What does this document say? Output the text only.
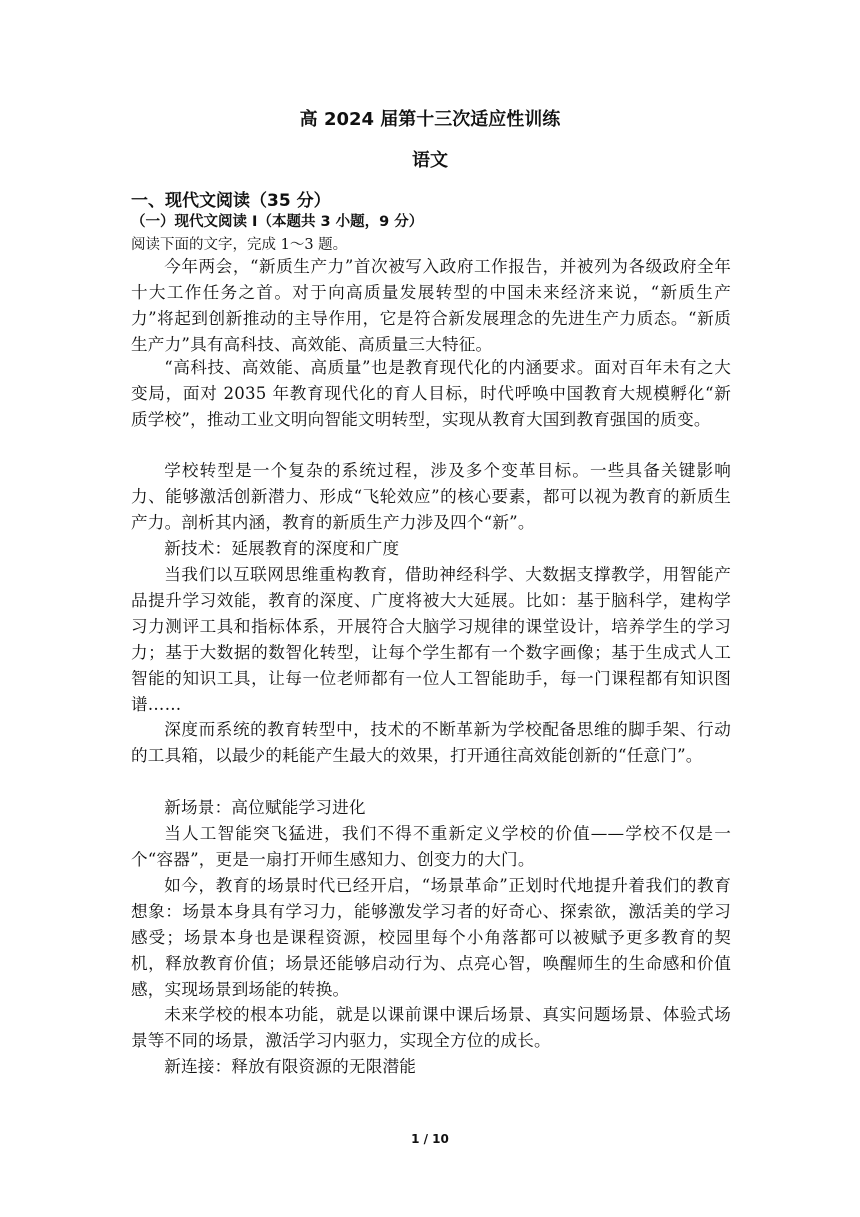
高 2024 届第十三次适应性训练
语文
一、现代文阅读（35 分）
（一）现代文阅读 I（本题共 3 小题，9 分）
阅读下面的文字，完成 1～3 题。
今年两会，“新质生产力”首次被写入政府工作报告，并被列为各级政府全年十大工作任务之首。对于向高质量发展转型的中国未来经济来说，“新质生产力”将起到创新推动的主导作用，它是符合新发展理念的先进生产力质态。“新质生产力”具有高科技、高效能、高质量三大特征。
“高科技、高效能、高质量”也是教育现代化的内涵要求。面对百年未有之大变局，面对 2035 年教育现代化的育人目标，时代呼唤中国教育大规模孵化“新质学校”，推动工业文明向智能文明转型，实现从教育大国到教育强国的质变。
学校转型是一个复杂的系统过程，涉及多个变革目标。一些具备关键影响力、能够激活创新潜力、形成“飞轮效应”的核心要素，都可以视为教育的新质生产力。剖析其内涵，教育的新质生产力涉及四个“新”。
新技术：延展教育的深度和广度
当我们以互联网思维重构教育，借助神经科学、大数据支撑教学，用智能产品提升学习效能，教育的深度、广度将被大大延展。比如：基于脑科学，建构学习力测评工具和指标体系，开展符合大脑学习规律的课堂设计，培养学生的学习力；基于大数据的数智化转型，让每个学生都有一个数字画像；基于生成式人工智能的知识工具，让每一位老师都有一位人工智能助手，每一门课程都有知识图谱……
深度而系统的教育转型中，技术的不断革新为学校配备思维的脚手架、行动的工具箱，以最少的耗能产生最大的效果，打开通往高效能创新的“任意门”。
新场景：高位赋能学习进化
当人工智能突飞猛进，我们不得不重新定义学校的价值——学校不仅是一个“容器”，更是一扇打开师生感知力、创变力的大门。
如今，教育的场景时代已经开启，“场景革命”正划时代地提升着我们的教育想象：场景本身具有学习力，能够激发学习者的好奇心、探索欲，激活美的学习感受；场景本身也是课程资源，校园里每个小角落都可以被赋予更多教育的契机，释放教育价值；场景还能够启动行为、点亮心智，唤醒师生的生命感和价值感，实现场景到场能的转换。
未来学校的根本功能，就是以课前课中课后场景、真实问题场景、体验式场景等不同的场景，激活学习内驱力，实现全方位的成长。
新连接：释放有限资源的无限潜能
1 / 10
